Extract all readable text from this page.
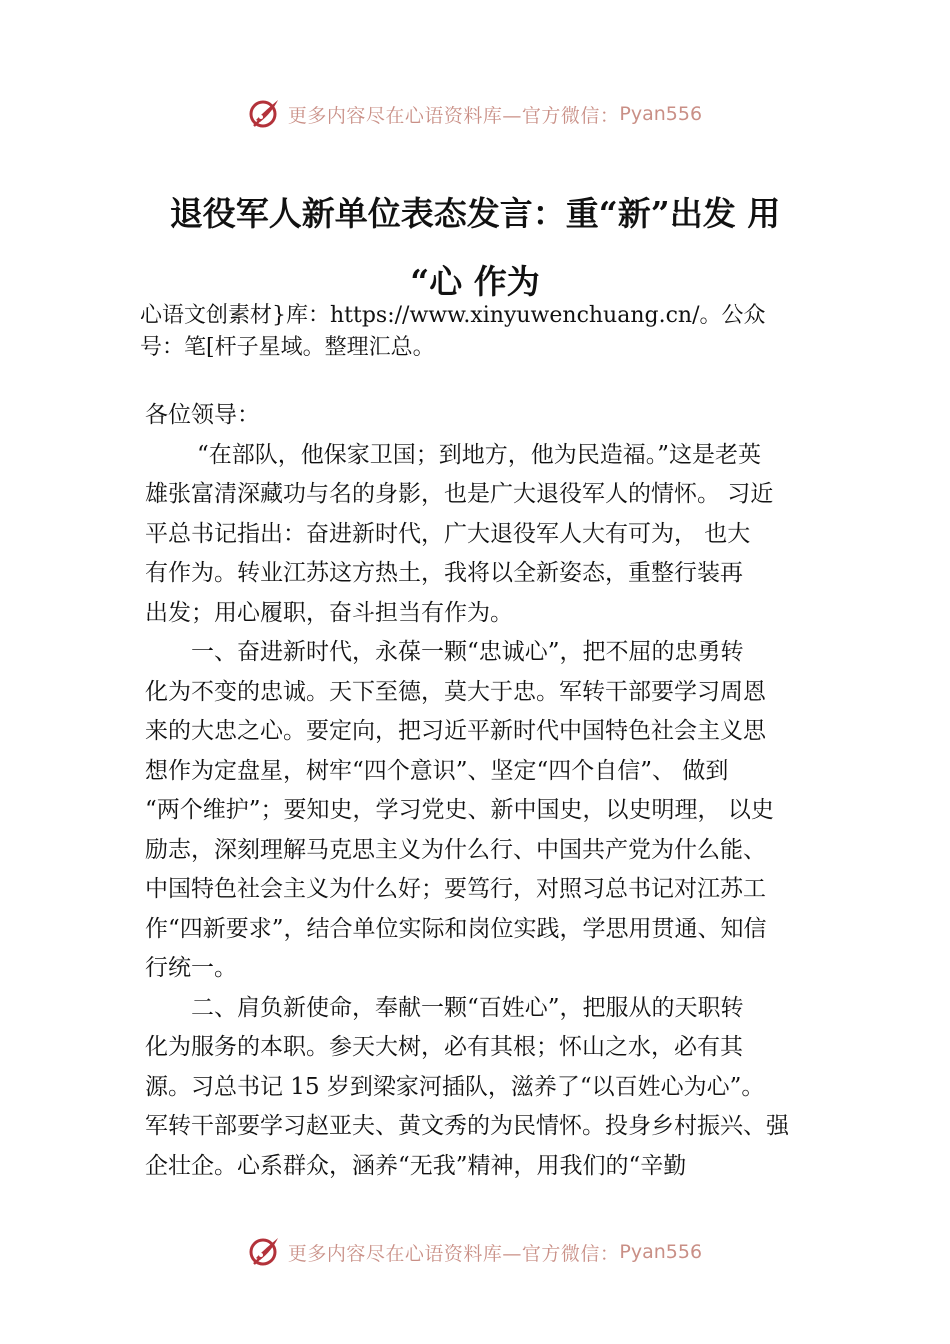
更多内容尽在心语资料库—官方微信： Pyan556
退役军人新单位表态发言：重“新”出发 用
“心 作为
心语文创素材}库：https://www.xinyuwenchuang.cn/。公众
号：笔[杆子星域。整理汇总。
各位领导：
“在部队，他保家卫国；到地方，他为民造福。”这是老英
雄张富清深藏功与名的身影，也是广大退役军人的情怀。 习近
平总书记指出：奋进新时代，广大退役军人大有可为， 也大
有作为。转业江苏这方热土，我将以全新姿态，重整行装再
出发；用心履职，奋斗担当有作为。
一、奋进新时代，永葆一颗“忠诚心”，把不屈的忠勇转
化为不变的忠诚。天下至德，莫大于忠。军转干部要学习周恩
来的大忠之心。要定向，把习近平新时代中国特色社会主义思
想作为定盘星，树牢“四个意识”、坚定“四个自信”、 做到
“两个维护”；要知史，学习党史、新中国史，以史明理， 以史
励志，深刻理解马克思主义为什么行、中国共产党为什么能、
中国特色社会主义为什么好；要笃行，对照习总书记对江苏工
作“四新要求”，结合单位实际和岗位实践，学思用贯通、知信
行统一。
二、肩负新使命，奉献一颗“百姓心”，把服从的天职转
化为服务的本职。参天大树，必有其根；怀山之水，必有其
源。习总书记 15 岁到梁家河插队，滋养了“以百姓心为心”。
军转干部要学习赵亚夫、黄文秀的为民情怀。投身乡村振兴、强
企壮企。心系群众，涵养“无我”精神，用我们的“辛勤
更多内容尽在心语资料库—官方微信： Pyan556
